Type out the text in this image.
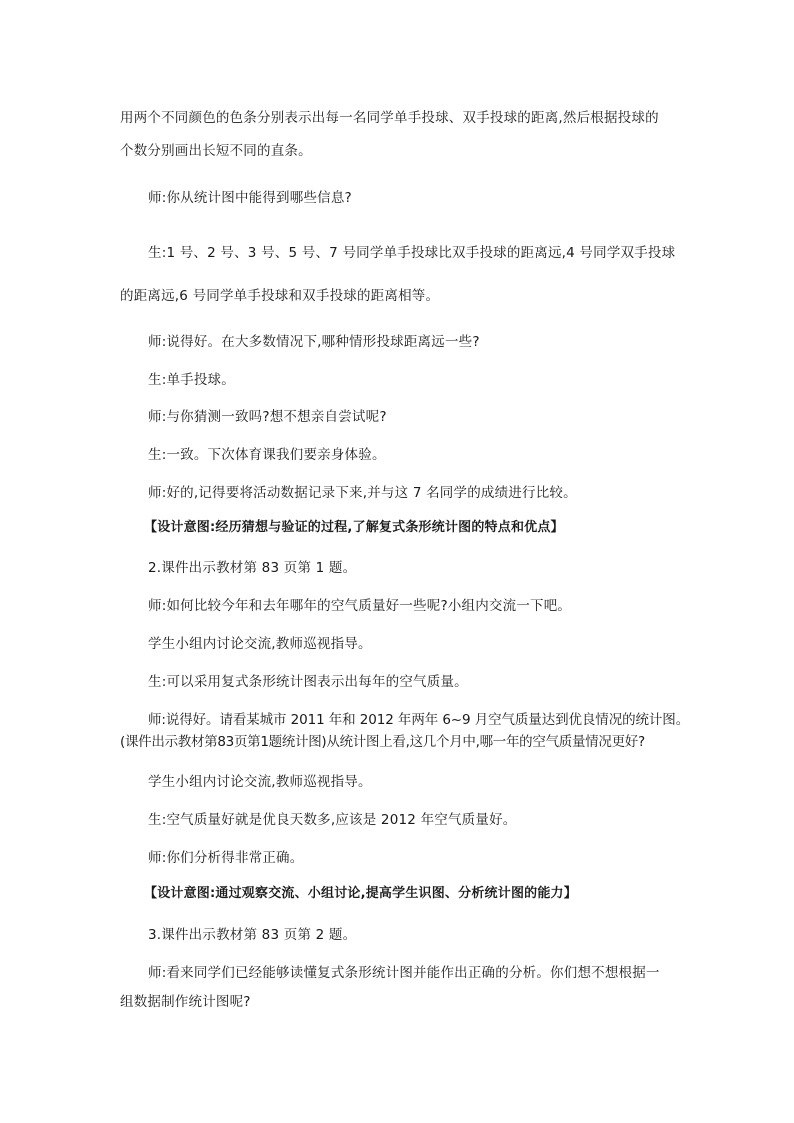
用两个不同颜色的色条分别表示出每一名同学单手投球、双手投球的距离,然后根据投球的
个数分别画出长短不同的直条。
师:你从统计图中能得到哪些信息?
生:1 号、2 号、3 号、5 号、7 号同学单手投球比双手投球的距离远,4 号同学双手投球
的距离远,6 号同学单手投球和双手投球的距离相等。
师:说得好。在大多数情况下,哪种情形投球距离远一些?
生:单手投球。
师:与你猜测一致吗?想不想亲自尝试呢?
生:一致。下次体育课我们要亲身体验。
师:好的,记得要将活动数据记录下来,并与这 7 名同学的成绩进行比较。
【设计意图:经历猜想与验证的过程,了解复式条形统计图的特点和优点】
2.课件出示教材第 83 页第 1 题。
师:如何比较今年和去年哪年的空气质量好一些呢?小组内交流一下吧。
学生小组内讨论交流,教师巡视指导。
生:可以采用复式条形统计图表示出每年的空气质量。
师:说得好。请看某城市 2011 年和 2012 年两年 6~9 月空气质量达到优良情况的统计图。
(课件出示教材第83页第1题统计图)从统计图上看,这几个月中,哪一年的空气质量情况更好?
学生小组内讨论交流,教师巡视指导。
生:空气质量好就是优良天数多,应该是 2012 年空气质量好。
师:你们分析得非常正确。
【设计意图:通过观察交流、小组讨论,提高学生识图、分析统计图的能力】
3.课件出示教材第 83 页第 2 题。
师:看来同学们已经能够读懂复式条形统计图并能作出正确的分析。你们想不想根据一
组数据制作统计图呢?
